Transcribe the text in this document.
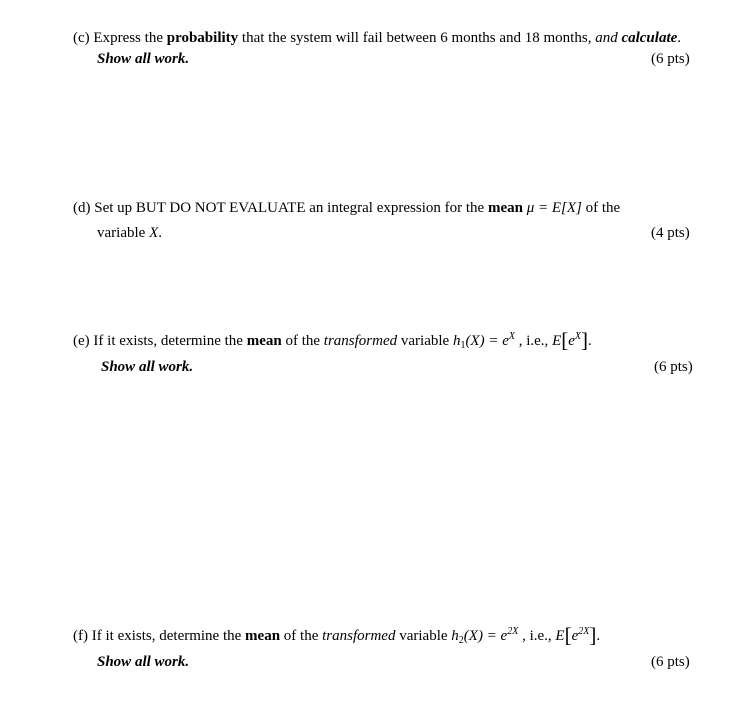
(c) Express the probability that the system will fail between 6 months and 18 months, and calculate.
Show all work.	(6 pts)
(d) Set up BUT DO NOT EVALUATE an integral expression for the mean μ = E[X] of the
variable X.	(4 pts)
(e) If it exists, determine the mean of the transformed variable $h_1(X) = e^X$ , i.e., $E[e^X]$.
Show all work.	(6 pts)
(f) If it exists, determine the mean of the transformed variable $h_2(X) = e^{2X}$ , i.e., $E[e^{2X}]$.
Show all work.	(6 pts)
